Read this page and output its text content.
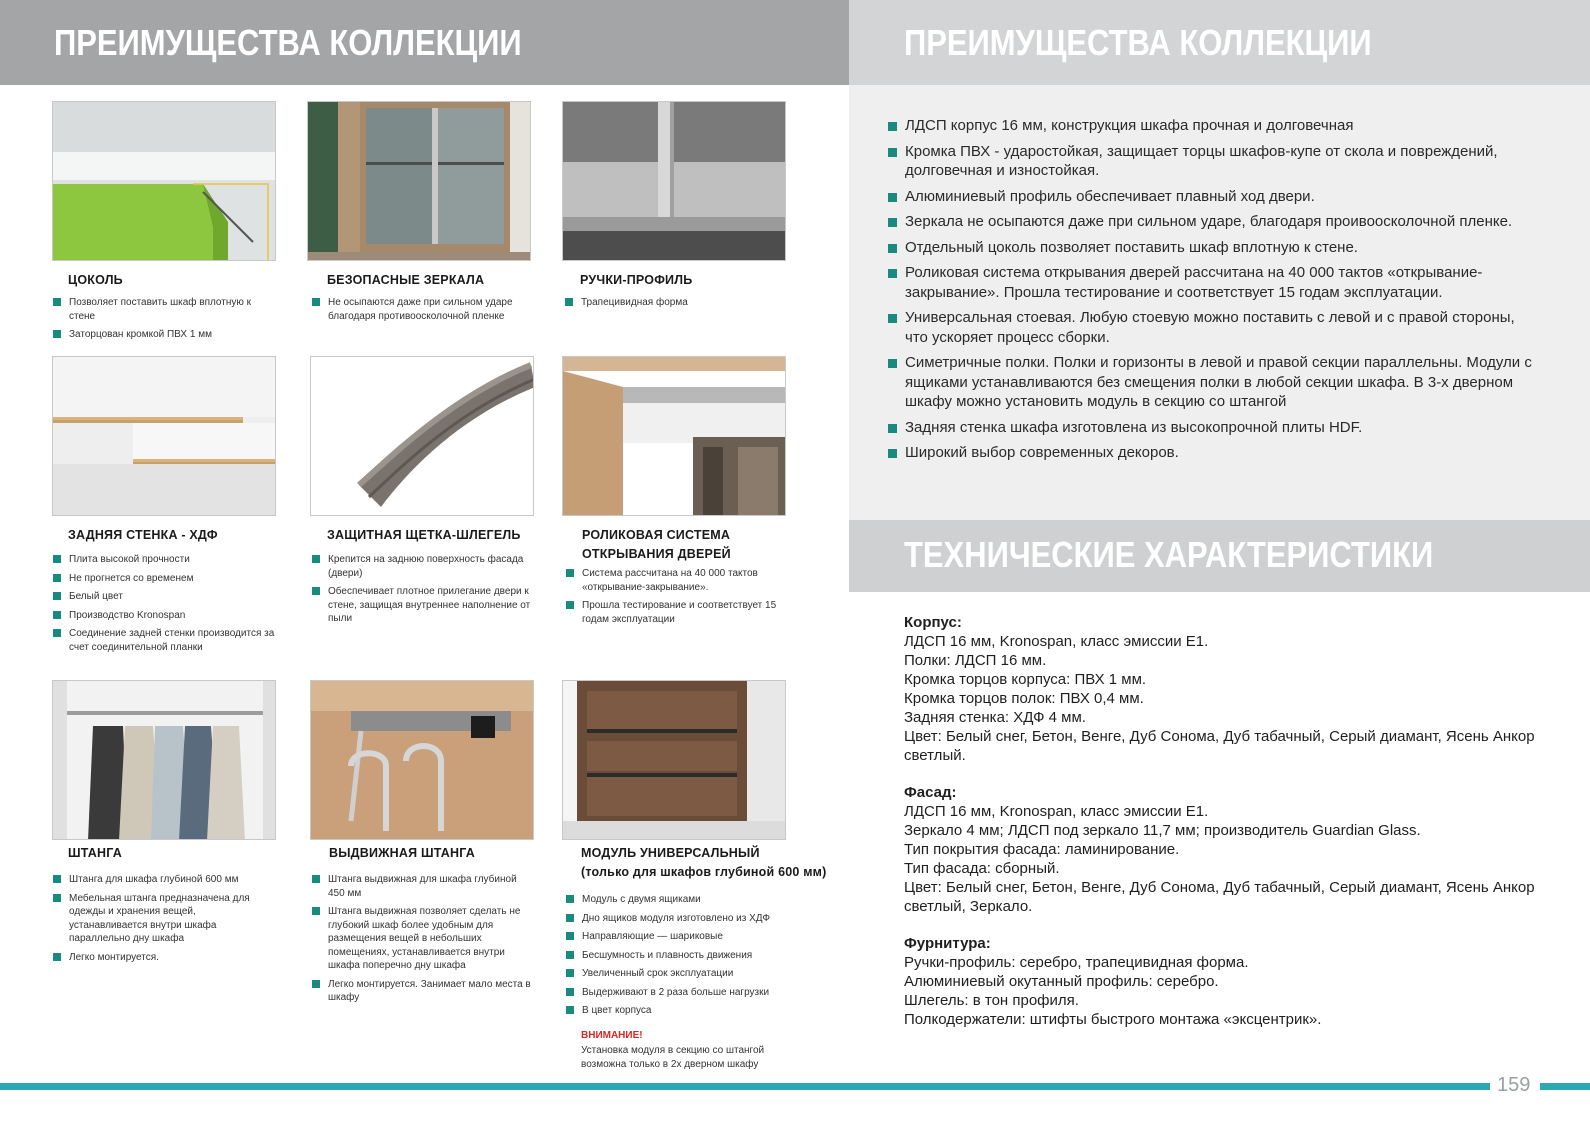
ПРЕИМУЩЕСТВА КОЛЛЕКЦИИ	ПРЕИМУЩЕСТВА КОЛЛЕКЦИИ
ТЕХНИЧЕСКИЕ ХАРАКТЕРИСТИКИ
ЦОКОЛЬ
Позволяет поставить шкаф вплотную к стене
Заторцован кромкой ПВХ 1 мм
БЕЗОПАСНЫЕ ЗЕРКАЛА
Не осыпаются даже при сильном ударе благодаря противоосколочной пленке
РУЧКИ-ПРОФИЛЬ
Трапецивидная форма
ЗАДНЯЯ СТЕНКА - ХДФ
Плита высокой прочности
Не прогнется со временем
Белый цвет
Производство Kronospan
Соединение задней стенки производится за счет соединительной планки
ЗАЩИТНАЯ ЩЕТКА-ШЛЕГЕЛЬ
Крепится на заднюю поверхность фасада (двери)
Обеспечивает плотное прилегание двери к стене, защищая внутреннее наполнение от пыли
РОЛИКОВАЯ СИСТЕМА
ОТКРЫВАНИЯ ДВЕРЕЙ
Система рассчитана на 40 000 тактов «открывание-закрывание».
Прошла тестирование и соответствует 15 годам эксплуатации
ШТАНГА
Штанга для шкафа глубиной 600 мм
Мебельная штанга предназначена для одежды и хранения вещей, устанавливается внутри шкафа параллельно дну шкафа
Легко монтируется.
ВЫДВИЖНАЯ ШТАНГА
Штанга выдвижная для шкафа глубиной 450 мм
Штанга выдвижная позволяет сделать не глубокий шкаф более удобным для размещения вещей в небольших помещениях, устанавливается внутри шкафа поперечно дну шкафа
Легко монтируется. Занимает мало места в шкафу
МОДУЛЬ УНИВЕРСАЛЬНЫЙ
(только для шкафов глубиной 600 мм)
Модуль с двумя ящиками
Дно ящиков модуля изготовлено из ХДФ
Направляющие — шариковые
Бесшумность и плавность движения
Увеличенный срок эксплуатации
Выдерживают в 2 раза больше нагрузки
В цвет корпуса
ВНИМАНИЕ!
Установка модуля в секцию со штангой возможна только в 2х дверном шкафу
ЛДСП корпус 16 мм, конструкция шкафа прочная и долговечная
Кромка ПВХ - ударостойкая, защищает торцы шкафов-купе от скола и повреждений, долговечная и изностойкая.
Алюминиевый профиль обеспечивает плавный ход двери.
Зеркала не осыпаются даже при сильном ударе, благодаря проивоосколочной пленке.
Отдельный цоколь позволяет поставить шкаф вплотную к стене.
Роликовая система открывания дверей рассчитана на 40 000 тактов «открывание-закрывание». Прошла тестирование и соответствует 15 годам эксплуатации.
Универсальная стоевая. Любую стоевую можно поставить с левой и с правой стороны, что ускоряет процесс сборки.
Симетричные полки. Полки и горизонты в левой и правой секции параллельны. Модули с ящиками устанавливаются без смещения полки в любой секции шкафа. В 3-х дверном шкафу можно установить модуль в секцию со штангой
Задняя стенка шкафа изготовлена из высокопрочной плиты HDF.
Широкий выбор современных декоров.
Корпус:
ЛДСП 16 мм, Kronospan, класс эмиссии Е1.
Полки: ЛДСП 16 мм.
Кромка торцов корпуса: ПВХ 1 мм.
Кромка торцов полок: ПВХ 0,4 мм.
Задняя стенка: ХДФ 4 мм.
Цвет: Белый снег, Бетон, Венге, Дуб Сонома, Дуб табачный, Серый диамант, Ясень Анкор светлый.
Фасад:
ЛДСП 16 мм, Kronospan, класс эмиссии Е1.
Зеркало 4 мм; ЛДСП под зеркало 11,7 мм; производитель Guardian Glass.
Тип покрытия фасада: ламинирование.
Тип фасада: сборный.
Цвет: Белый снег, Бетон, Венге, Дуб Сонома, Дуб табачный, Серый диамант, Ясень Анкор светлый, Зеркало.
Фурнитура:
Ручки-профиль: серебро, трапецивидная форма.
Алюминиевый окутанный профиль: серебро.
Шлегель: в тон профиля.
Полкодержатели: штифты быстрого монтажа «эксцентрик».
159
